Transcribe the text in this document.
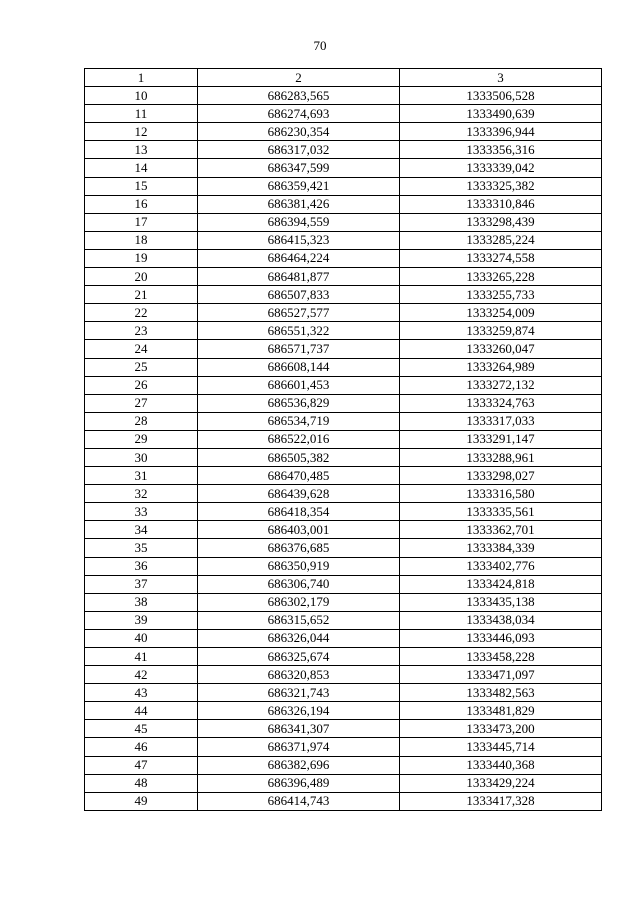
70
1	2	3
10	686283,565	1333506,528
11	686274,693	1333490,639
12	686230,354	1333396,944
13	686317,032	1333356,316
14	686347,599	1333339,042
15	686359,421	1333325,382
16	686381,426	1333310,846
17	686394,559	1333298,439
18	686415,323	1333285,224
19	686464,224	1333274,558
20	686481,877	1333265,228
21	686507,833	1333255,733
22	686527,577	1333254,009
23	686551,322	1333259,874
24	686571,737	1333260,047
25	686608,144	1333264,989
26	686601,453	1333272,132
27	686536,829	1333324,763
28	686534,719	1333317,033
29	686522,016	1333291,147
30	686505,382	1333288,961
31	686470,485	1333298,027
32	686439,628	1333316,580
33	686418,354	1333335,561
34	686403,001	1333362,701
35	686376,685	1333384,339
36	686350,919	1333402,776
37	686306,740	1333424,818
38	686302,179	1333435,138
39	686315,652	1333438,034
40	686326,044	1333446,093
41	686325,674	1333458,228
42	686320,853	1333471,097
43	686321,743	1333482,563
44	686326,194	1333481,829
45	686341,307	1333473,200
46	686371,974	1333445,714
47	686382,696	1333440,368
48	686396,489	1333429,224
49	686414,743	1333417,328
